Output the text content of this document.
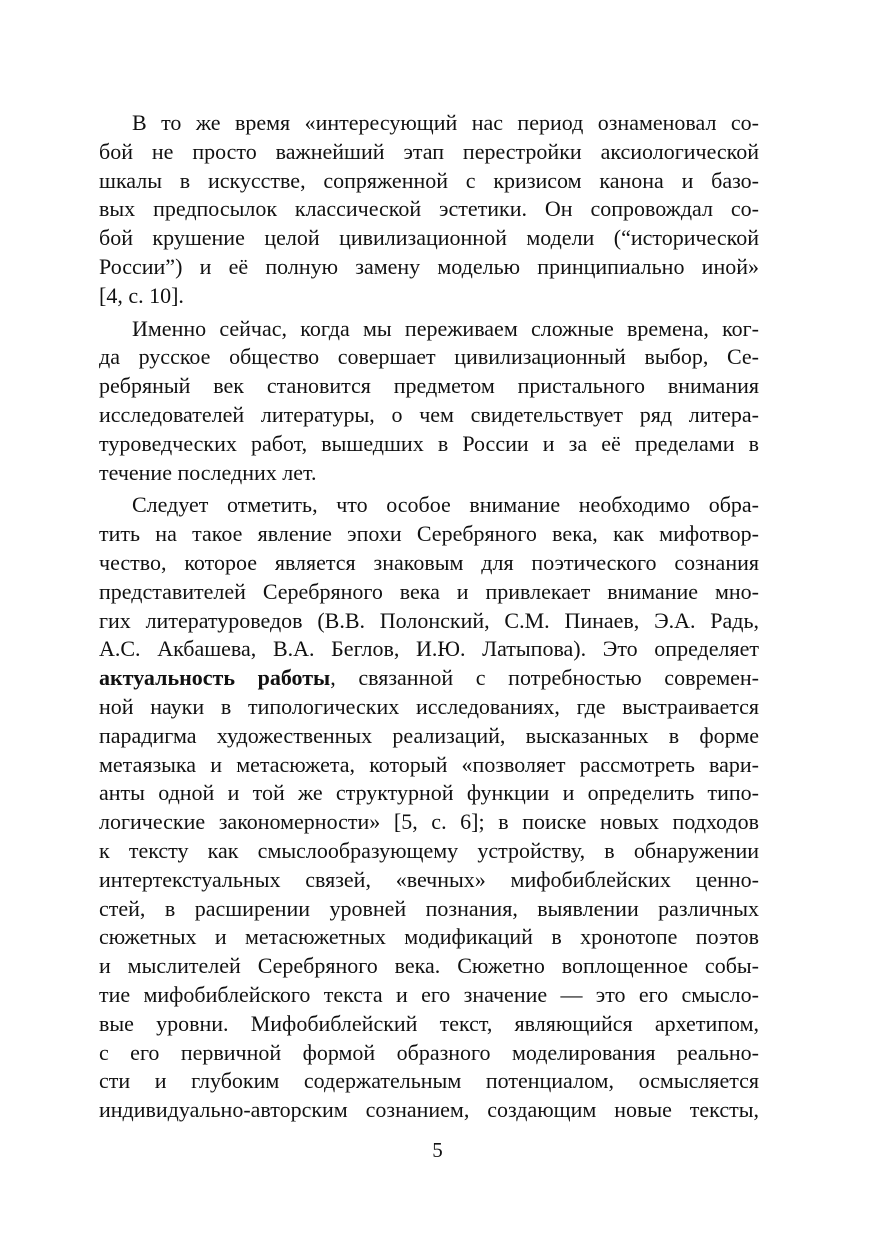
В то же время «интересующий нас период ознаменовал со-
бой не просто важнейший этап перестройки аксиологической
шкалы в искусстве, сопряженной с кризисом канона и базо-
вых предпосылок классической эстетики. Он сопровождал со-
бой крушение целой цивилизационной модели (“исторической
России”) и её полную замену моделью принципиально иной»
[4, с. 10].
Именно сейчас, когда мы переживаем сложные времена, ког-
да русское общество совершает цивилизационный выбор, Се-
ребряный век становится предметом пристального внимания
исследователей литературы, о чем свидетельствует ряд литера-
туроведческих работ, вышедших в России и за её пределами в
течение последних лет.
Следует отметить, что особое внимание необходимо обра-
тить на такое явление эпохи Серебряного века, как мифотвор-
чество, которое является знаковым для поэтического сознания
представителей Серебряного века и привлекает внимание мно-
гих литературоведов (В.В. Полонский, С.М. Пинаев, Э.А. Радь,
А.С. Акбашева, В.А. Беглов, И.Ю. Латыпова). Это определяет
актуальность работы, связанной с потребностью современ-
ной науки в типологических исследованиях, где выстраивается
парадигма художественных реализаций, высказанных в форме
метаязыка и метасюжета, который «позволяет рассмотреть вари-
анты одной и той же структурной функции и определить типо-
логические закономерности» [5, с. 6]; в поиске новых подходов
к тексту как смыслообразующему устройству, в обнаружении
интертекстуальных связей, «вечных» мифобиблейских ценно-
стей, в расширении уровней познания, выявлении различных
сюжетных и метасюжетных модификаций в хронотопе поэтов
и мыслителей Серебряного века. Сюжетно воплощенное собы-
тие мифобиблейского текста и его значение — это его смысло-
вые уровни. Мифобиблейский текст, являющийся архетипом,
с его первичной формой образного моделирования реально-
сти и глубоким содержательным потенциалом, осмысляется
индивидуально-авторским сознанием, создающим новые тексты,
5
